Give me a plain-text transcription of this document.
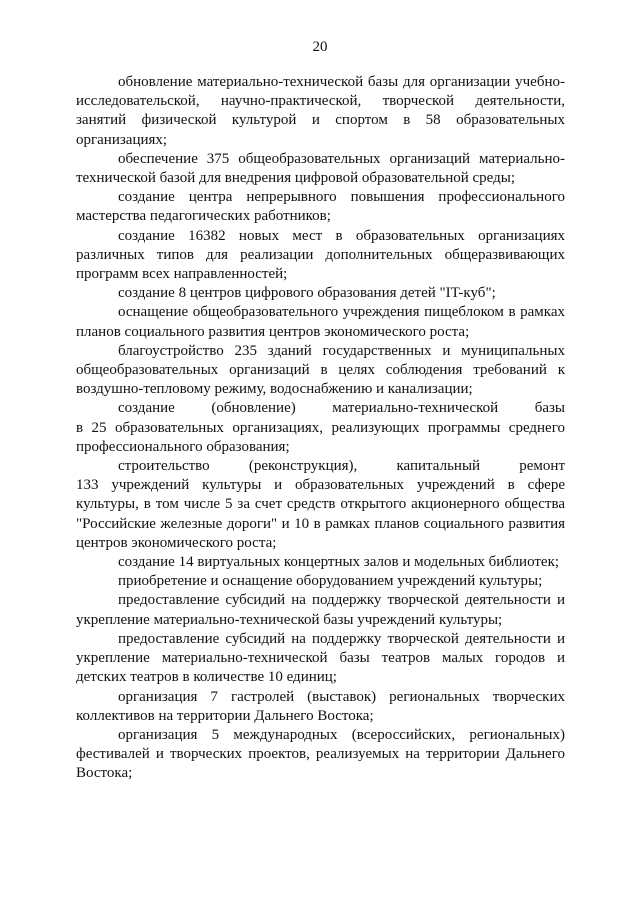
20

обновление материально-технической базы для организации учебно-исследовательской, научно-практической, творческой деятельности, занятий физической культурой и спортом в 58 образовательных организациях;

обеспечение 375 общеобразовательных организаций материально-технической базой для внедрения цифровой образовательной среды;

создание центра непрерывного повышения профессионального мастерства педагогических работников;

создание 16382 новых мест в образовательных организациях различных типов для реализации дополнительных общеразвивающих программ всех направленностей;

создание 8 центров цифрового образования детей "IT-куб";

оснащение общеобразовательного учреждения пищеблоком в рамках планов социального развития центров экономического роста;

благоустройство 235 зданий государственных и муниципальных общеобразовательных организаций в целях соблюдения требований к воздушно-тепловому режиму, водоснабжению и канализации;

создание (обновление) материально-технической базы

в 25 образовательных организациях, реализующих программы среднего профессионального образования;

строительство (реконструкция), капитальный ремонт

133 учреждений культуры и образовательных учреждений в сфере культуры, в том числе 5 за счет средств открытого акционерного общества "Российские железные дороги" и 10 в рамках планов социального развития центров экономического роста;

создание 14 виртуальных концертных залов и модельных библиотек;

приобретение и оснащение оборудованием учреждений культуры;

предоставление субсидий на поддержку творческой деятельности и укрепление материально-технической базы учреждений культуры;

предоставление субсидий на поддержку творческой деятельности и укрепление материально-технической базы театров малых городов и детских театров в количестве 10 единиц;

организация 7 гастролей (выставок) региональных творческих коллективов на территории Дальнего Востока;

организация 5 международных (всероссийских, региональных) фестивалей и творческих проектов, реализуемых на территории Дальнего Востока;
